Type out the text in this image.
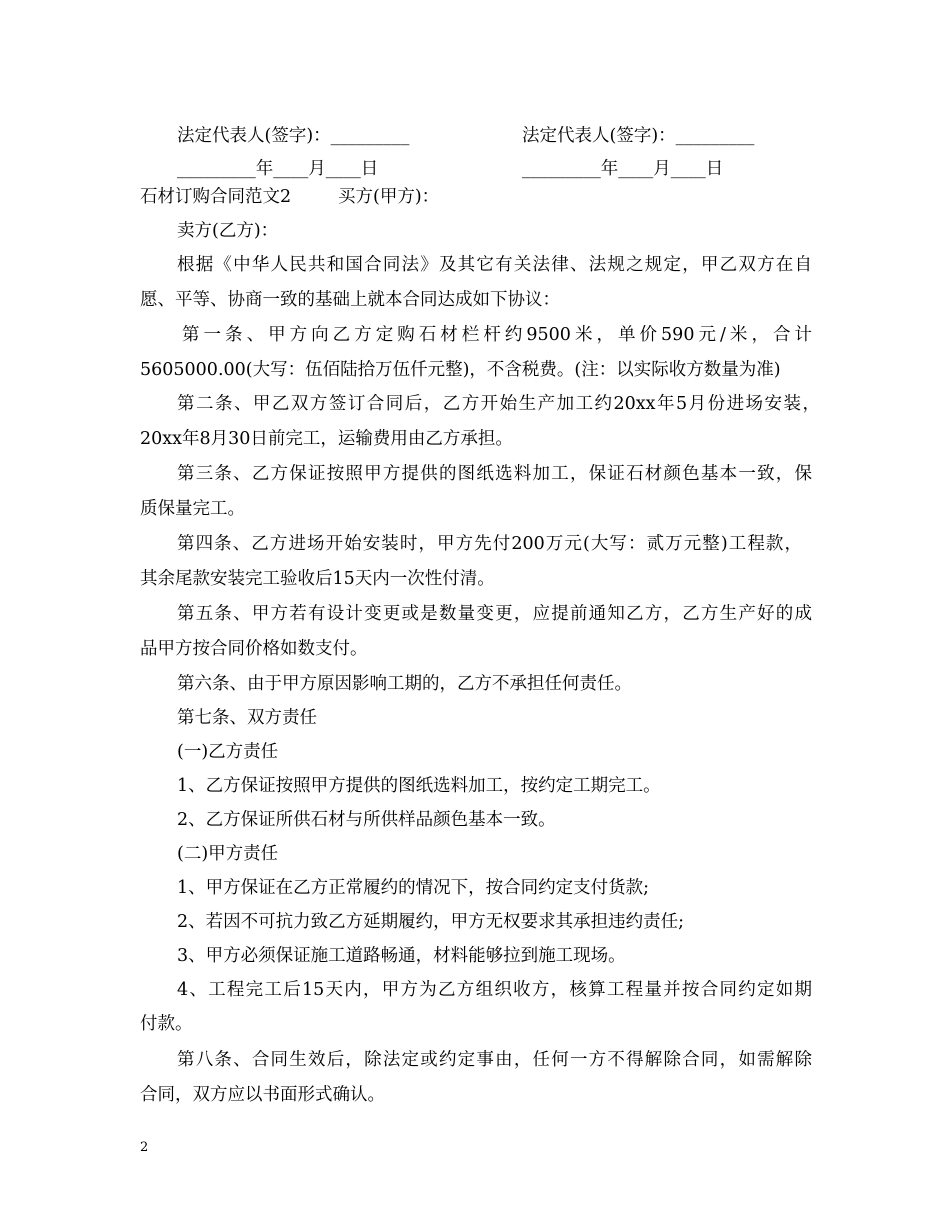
法定代表人(签字)：_________	法定代表人(签字)：_________
_________年____月____日	_________年____月____日
石材订购合同范文2	买方(甲方)：
卖方(乙方)：
根据《中华人民共和国合同法》及其它有关法律、法规之规定，甲乙双方在自
愿、平等、协商一致的基础上就本合同达成如下协议：
第一条、甲方向乙方定购石材栏杆约9500米，单价590元/米，合计
5605000.00(大写：伍佰陆拾万伍仟元整)，不含税费。(注：以实际收方数量为准)
第二条、甲乙双方签订合同后，乙方开始生产加工约20xx年5月份进场安装，
20xx年8月30日前完工，运输费用由乙方承担。
第三条、乙方保证按照甲方提供的图纸选料加工，保证石材颜色基本一致，保
质保量完工。
第四条、乙方进场开始安装时，甲方先付200万元(大写：贰万元整)工程款，
其余尾款安装完工验收后15天内一次性付清。
第五条、甲方若有设计变更或是数量变更，应提前通知乙方，乙方生产好的成
品甲方按合同价格如数支付。
第六条、由于甲方原因影响工期的，乙方不承担任何责任。
第七条、双方责任
(一)乙方责任
1、乙方保证按照甲方提供的图纸选料加工，按约定工期完工。
2、乙方保证所供石材与所供样品颜色基本一致。
(二)甲方责任
1、甲方保证在乙方正常履约的情况下，按合同约定支付货款;
2、若因不可抗力致乙方延期履约，甲方无权要求其承担违约责任;
3、甲方必须保证施工道路畅通，材料能够拉到施工现场。
4、工程完工后15天内，甲方为乙方组织收方，核算工程量并按合同约定如期
付款。
第八条、合同生效后，除法定或约定事由，任何一方不得解除合同，如需解除
合同，双方应以书面形式确认。
2
